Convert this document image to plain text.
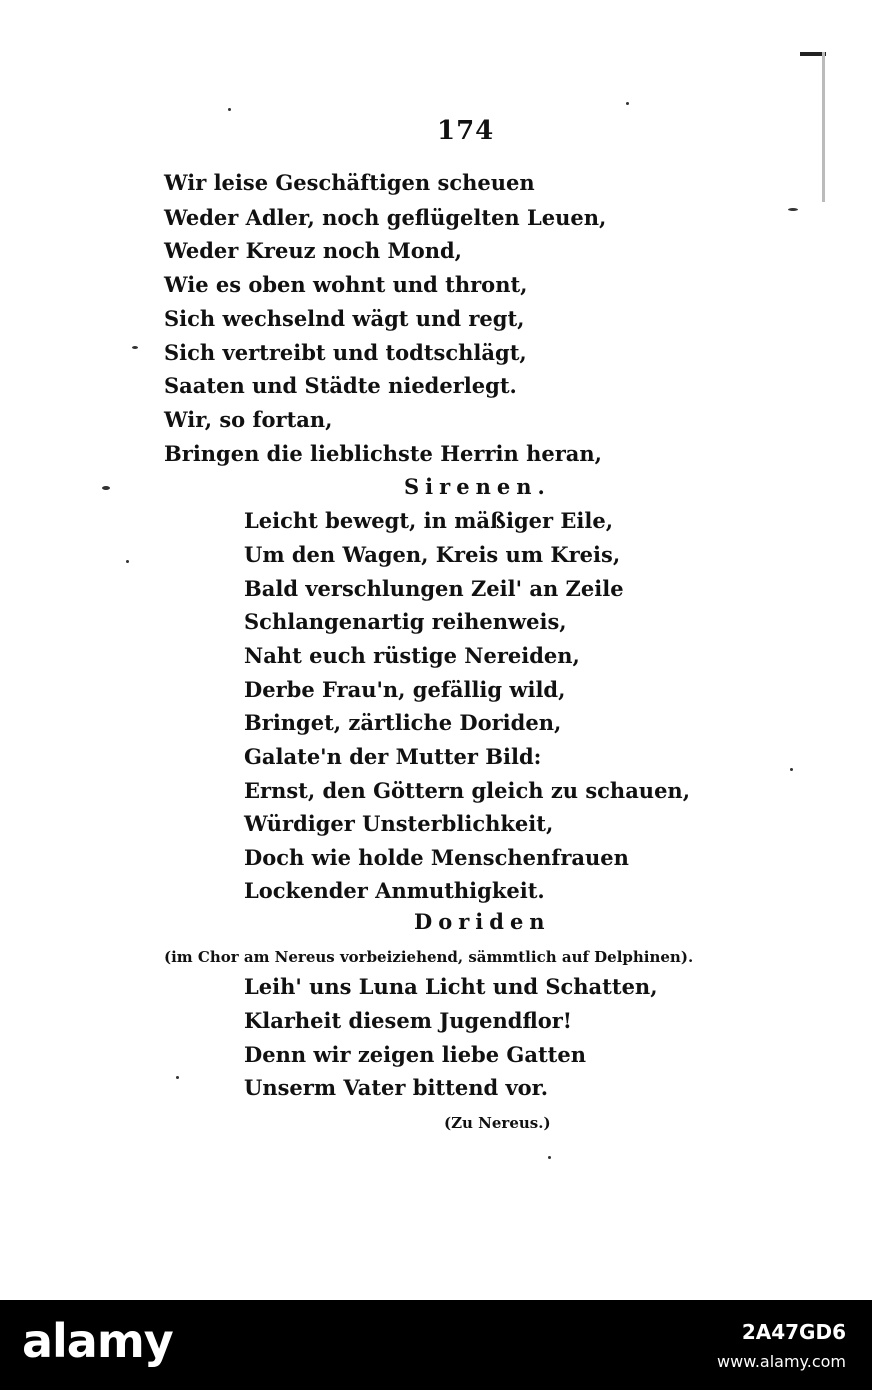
174
Wir leise Geschäftigen scheuen
Weder Adler, noch geflügelten Leuen,
Weder Kreuz noch Mond,
Wie es oben wohnt und thront,
Sich wechselnd wägt und regt,
Sich vertreibt und todtschlägt,
Saaten und Städte niederlegt.
Wir, so fortan,
Bringen die lieblichste Herrin heran,
Sirenen.
Leicht bewegt, in mäßiger Eile,
Um den Wagen, Kreis um Kreis,
Bald verschlungen Zeil' an Zeile
Schlangenartig reihenweis,
Naht euch rüstige Nereiden,
Derbe Frau'n, gefällig wild,
Bringet, zärtliche Doriden,
Galate'n der Mutter Bild:
Ernst, den Göttern gleich zu schauen,
Würdiger Unsterblichkeit,
Doch wie holde Menschenfrauen
Lockender Anmuthigkeit.
Doriden
(im Chor am Nereus vorbeiziehend, sämmtlich auf Delphinen).
Leih' uns Luna Licht und Schatten,
Klarheit diesem Jugendflor!
Denn wir zeigen liebe Gatten
Unserm Vater bittend vor.
(Zu Nereus.)
alamy	2A47GD6
www.alamy.com
